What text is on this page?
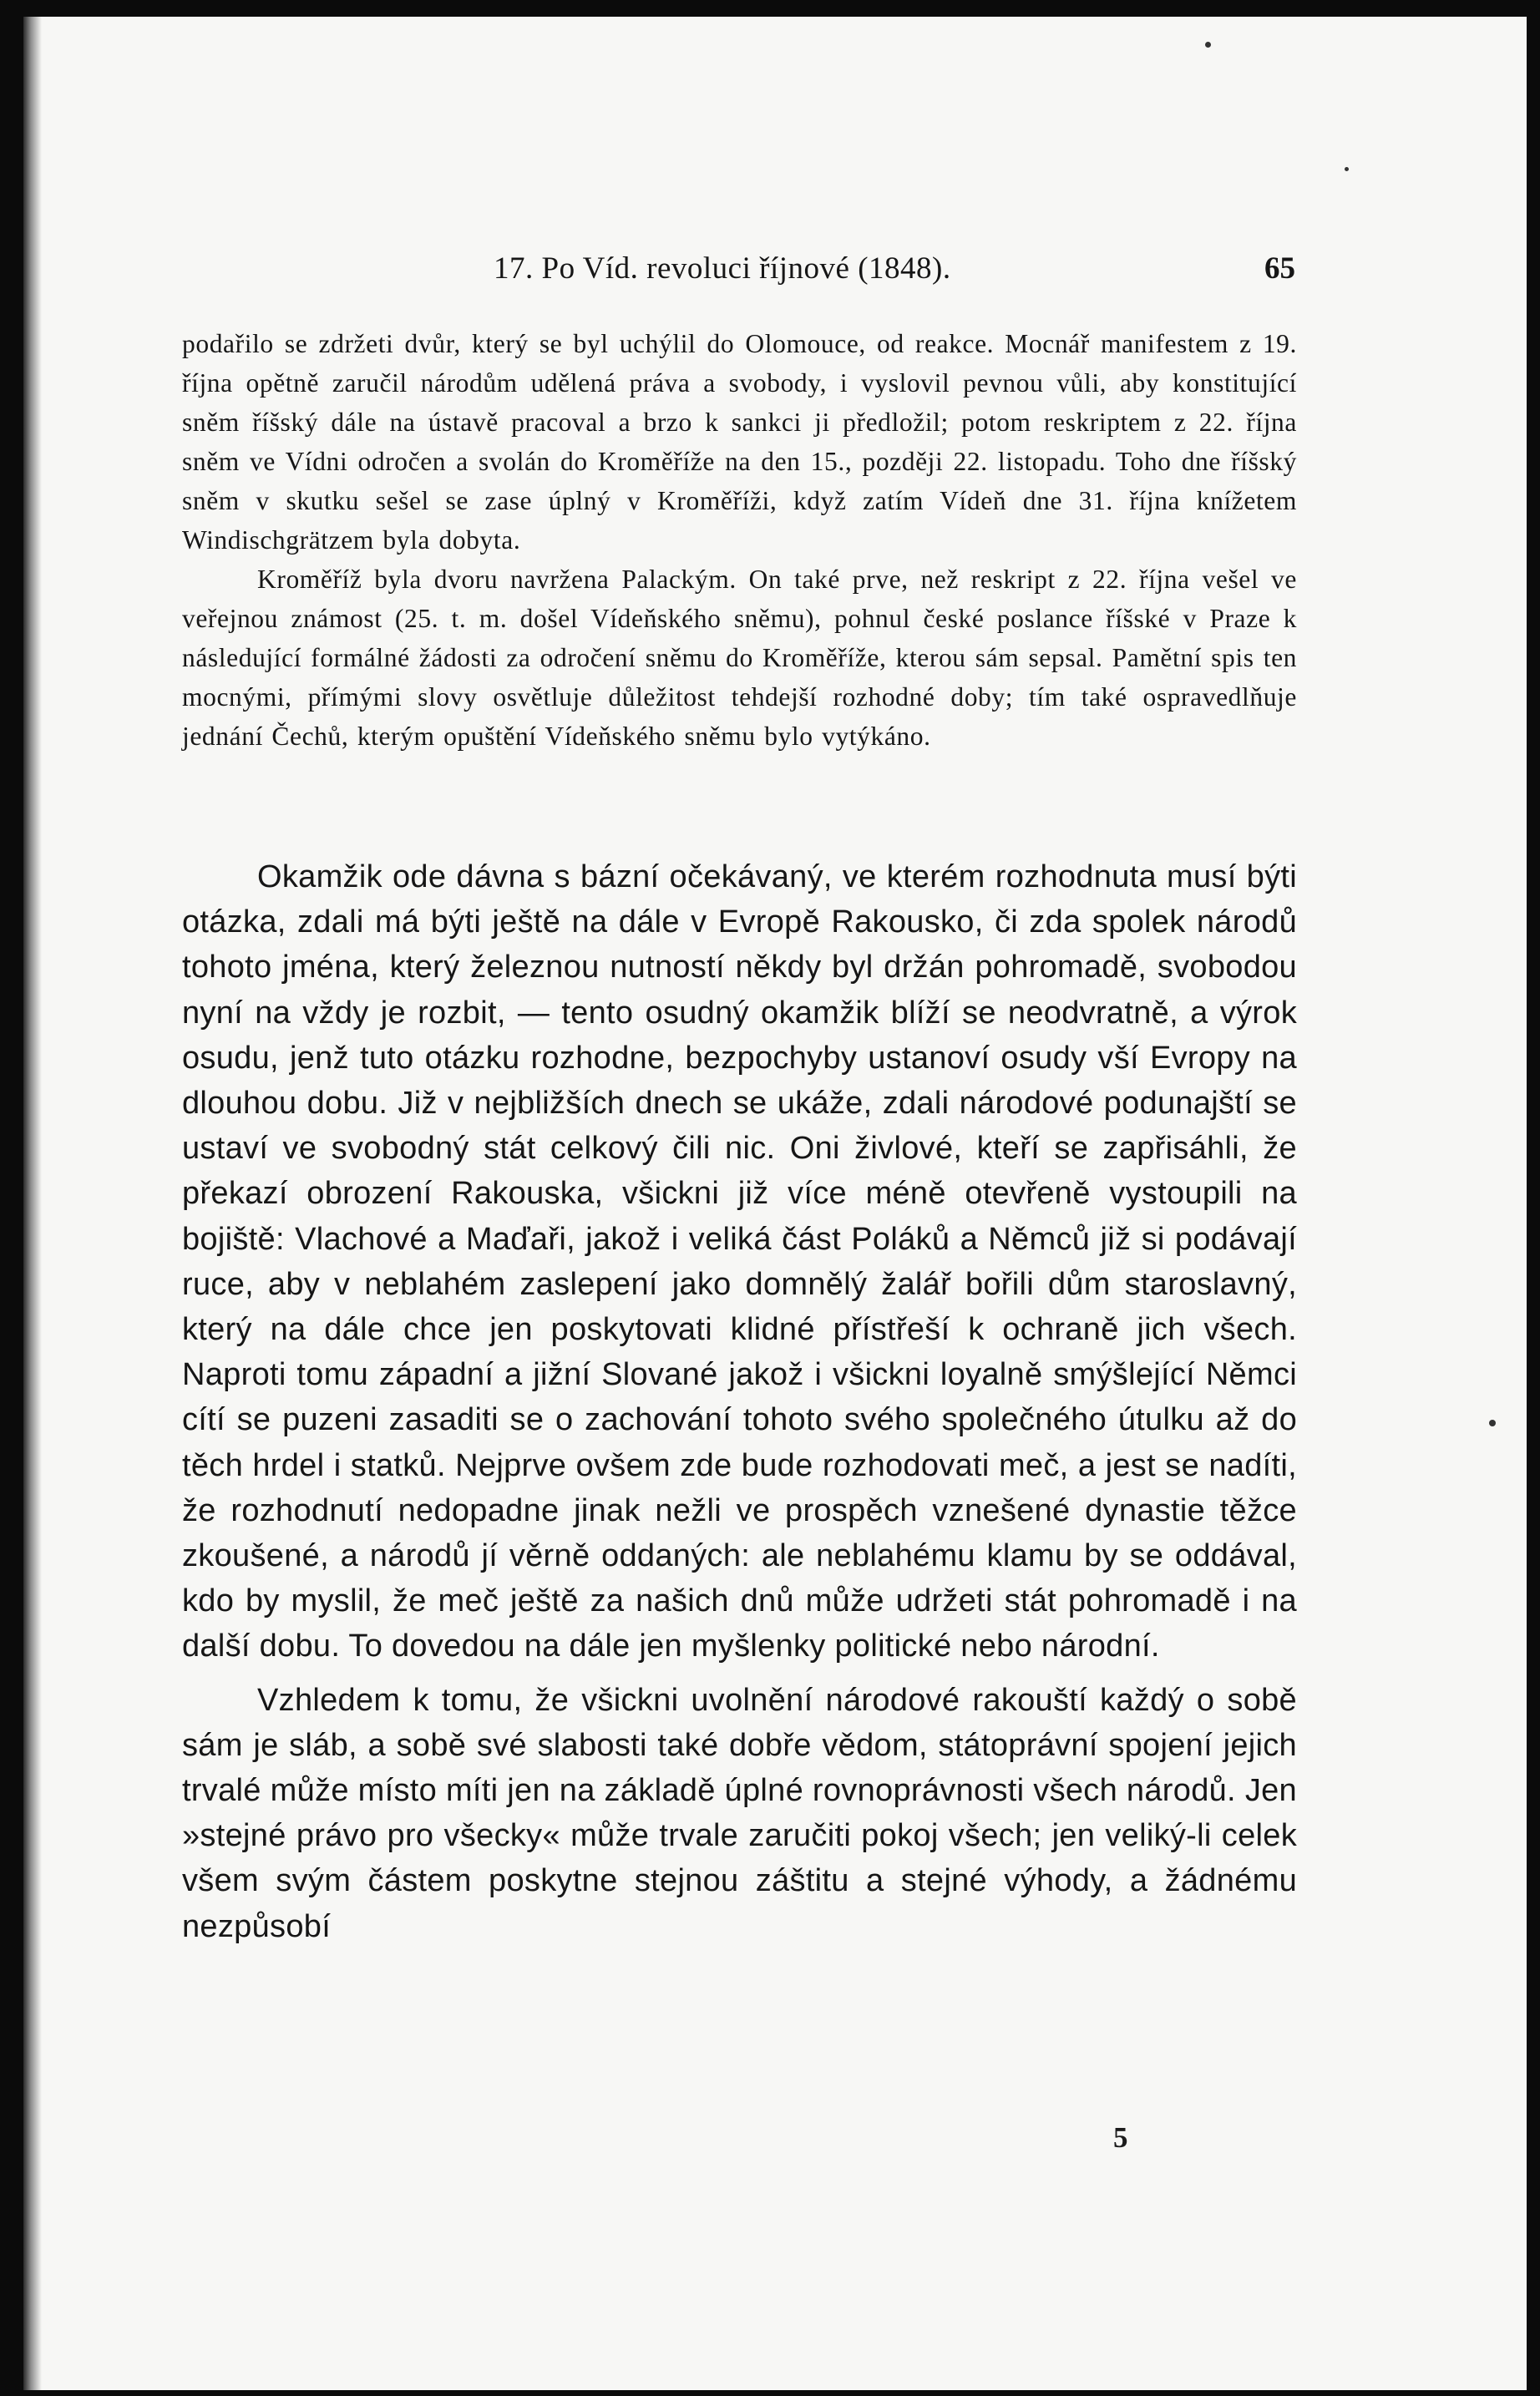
17. Po Víd. revoluci říjnové (1848).	65

podařilo se zdržeti dvůr, který se byl uchýlil do Olomouce, od reakce. Mocnář manifestem z 19. října opětně zaručil národům udělená práva a svobody, i vyslovil pevnou vůli, aby konstitující sněm říšský dále na ústavě pracoval a brzo k sankci ji předložil; potom reskriptem z 22. října sněm ve Vídni odročen a svolán do Kroměříže na den 15., později 22. listopadu. Toho dne říšský sněm v skutku sešel se zase úplný v Kroměříži, když zatím Vídeň dne 31. října knížetem Windischgrätzem byla dobyta.

Kroměříž byla dvoru navržena Palackým. On také prve, než reskript z 22. října vešel ve veřejnou známost (25. t. m. došel Vídeňského sněmu), pohnul české poslance říšské v Praze k následující formálné žádosti za odročení sněmu do Kroměříže, kterou sám sepsal. Pamětní spis ten mocnými, přímými slovy osvětluje důležitost tehdejší rozhodné doby; tím také ospravedlňuje jednání Čechů, kterým opuštění Vídeňského sněmu bylo vytýkáno.

Okamžik ode dávna s bázní očekávaný, ve kterém rozhodnuta musí býti otázka, zdali má býti ještě na dále v Evropě Rakousko, či zda spolek národů tohoto jména, který železnou nutností někdy byl držán pohromadě, svobodou nyní na vždy je rozbit, — tento osudný okamžik blíží se neodvratně, a výrok osudu, jenž tuto otázku rozhodne, bezpochyby ustanoví osudy vší Evropy na dlouhou dobu. Již v nejbližších dnech se ukáže, zdali národové podunajští se ustaví ve svobodný stát celkový čili nic. Oni živlové, kteří se zapřisáhli, že překazí obrození Rakouska, všickni již více méně otevřeně vystoupili na bojiště: Vlachové a Maďaři, jakož i veliká část Poláků a Němců již si podávají ruce, aby v neblahém zaslepení jako domnělý žalář bořili dům staroslavný, který na dále chce jen poskytovati klidné přístřeší k ochraně jich všech. Naproti tomu západní a jižní Slované jakož i všickni loyalně smýšlející Němci cítí se puzeni zasaditi se o zachování tohoto svého společného útulku až do těch hrdel i statků. Nejprve ovšem zde bude rozhodovati meč, a jest se nadíti, že rozhodnutí nedopadne jinak nežli ve prospěch vznešené dynastie těžce zkoušené, a národů jí věrně oddaných: ale neblahému klamu by se oddával, kdo by myslil, že meč ještě za našich dnů může udržeti stát pohromadě i na další dobu. To dovedou na dále jen myšlenky politické nebo národní.

Vzhledem k tomu, že všickni uvolnění národové rakouští každý o sobě sám je sláb, a sobě své slabosti také dobře vědom, státoprávní spojení jejich trvalé může místo míti jen na základě úplné rovnoprávnosti všech národů. Jen »stejné právo pro všecky« může trvale zaručiti pokoj všech; jen veliký-li celek všem svým částem poskytne stejnou záštitu a stejné výhody, a žádnému nezpůsobí

5
